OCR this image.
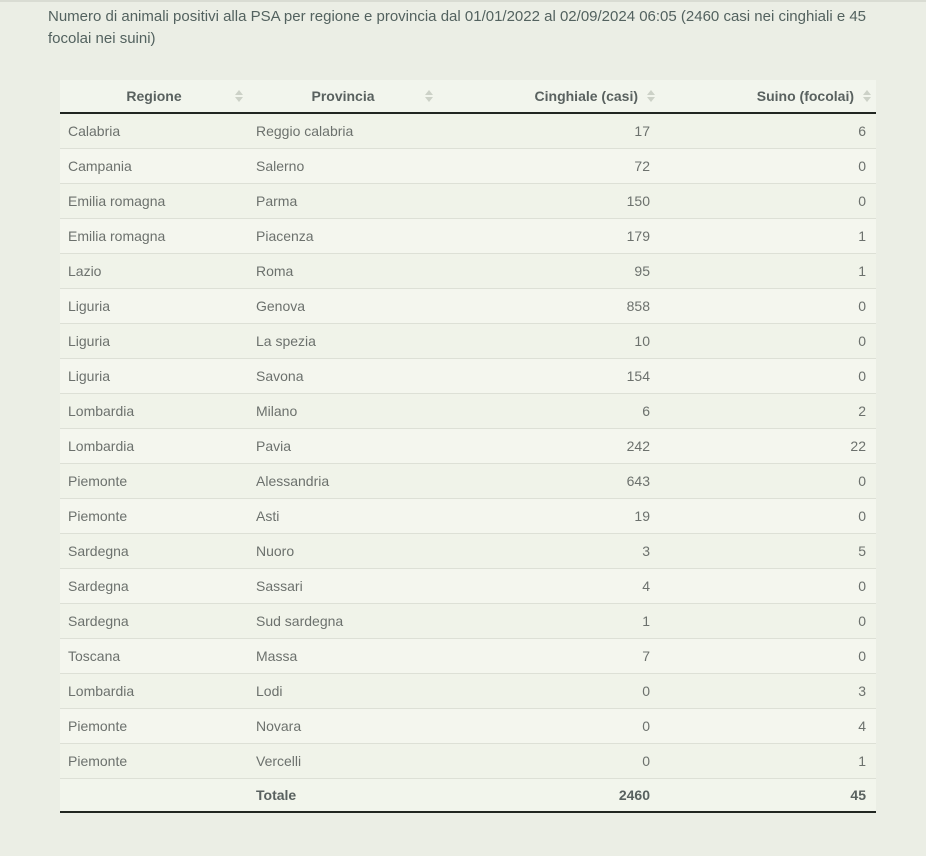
Numero di animali positivi alla PSA per regione e provincia dal 01/01/2022 al 02/09/2024 06:05 (2460 casi nei cinghiali e 45 focolai nei suini)
Regione	Provincia	Cinghiale (casi)	Suino (focolai)

Calabria	Reggio calabria	17	6
Campania	Salerno	72	0
Emilia romagna	Parma	150	0
Emilia romagna	Piacenza	179	1
Lazio	Roma	95	1
Liguria	Genova	858	0
Liguria	La spezia	10	0
Liguria	Savona	154	0
Lombardia	Milano	6	2
Lombardia	Pavia	242	22
Piemonte	Alessandria	643	0
Piemonte	Asti	19	0
Sardegna	Nuoro	3	5
Sardegna	Sassari	4	0
Sardegna	Sud sardegna	1	0
Toscana	Massa	7	0
Lombardia	Lodi	0	3
Piemonte	Novara	0	4
Piemonte	Vercelli	0	1
	Totale	2460	45
